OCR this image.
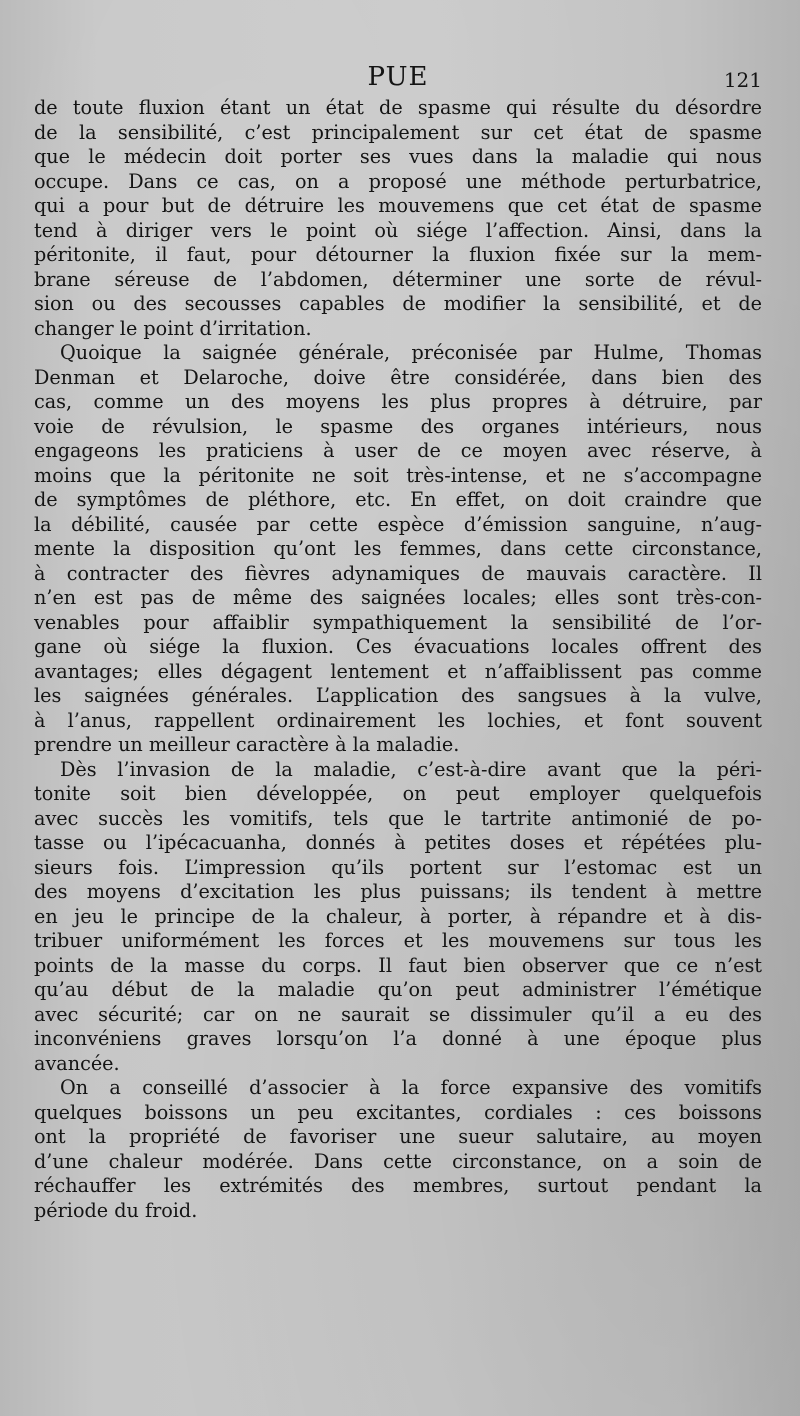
PUE	121
de toute fluxion étant un état de spasme qui résulte du désordre
de la sensibilité, c’est principalement sur cet état de spasme
que le médecin doit porter ses vues dans la maladie qui nous
occupe. Dans ce cas, on a proposé une méthode perturbatrice,
qui a pour but de détruire les mouvemens que cet état de spasme
tend à diriger vers le point où siége l’affection. Ainsi, dans la
péritonite, il faut, pour détourner la fluxion fixée sur la mem-
brane séreuse de l’abdomen, déterminer une sorte de révul-
sion ou des secousses capables de modifier la sensibilité, et de
changer le point d’irritation.
Quoique la saignée générale, préconisée par Hulme, Thomas
Denman et Delaroche, doive être considérée, dans bien des
cas, comme un des moyens les plus propres à détruire, par
voie de révulsion, le spasme des organes intérieurs, nous
engageons les praticiens à user de ce moyen avec réserve, à
moins que la péritonite ne soit très-intense, et ne s’accompagne
de symptômes de pléthore, etc. En effet, on doit craindre que
la débilité, causée par cette espèce d’émission sanguine, n’aug-
mente la disposition qu’ont les femmes, dans cette circonstance,
à contracter des fièvres adynamiques de mauvais caractère. Il
n’en est pas de même des saignées locales; elles sont très-con-
venables pour affaiblir sympathiquement la sensibilité de l’or-
gane où siége la fluxion. Ces évacuations locales offrent des
avantages; elles dégagent lentement et n’affaiblissent pas comme
les saignées générales. L’application des sangsues à la vulve,
à l’anus, rappellent ordinairement les lochies, et font souvent
prendre un meilleur caractère à la maladie.
Dès l’invasion de la maladie, c’est-à-dire avant que la péri-
tonite soit bien développée, on peut employer quelquefois
avec succès les vomitifs, tels que le tartrite antimonié de po-
tasse ou l’ipécacuanha, donnés à petites doses et répétées plu-
sieurs fois. L’impression qu’ils portent sur l’estomac est un
des moyens d’excitation les plus puissans; ils tendent à mettre
en jeu le principe de la chaleur, à porter, à répandre et à dis-
tribuer uniformément les forces et les mouvemens sur tous les
points de la masse du corps. Il faut bien observer que ce n’est
qu’au début de la maladie qu’on peut administrer l’émétique
avec sécurité; car on ne saurait se dissimuler qu’il a eu des
inconvéniens graves lorsqu’on l’a donné à une époque plus
avancée.
On a conseillé d’associer à la force expansive des vomitifs
quelques boissons un peu excitantes, cordiales : ces boissons
ont la propriété de favoriser une sueur salutaire, au moyen
d’une chaleur modérée. Dans cette circonstance, on a soin de
réchauffer les extrémités des membres, surtout pendant la
période du froid.
